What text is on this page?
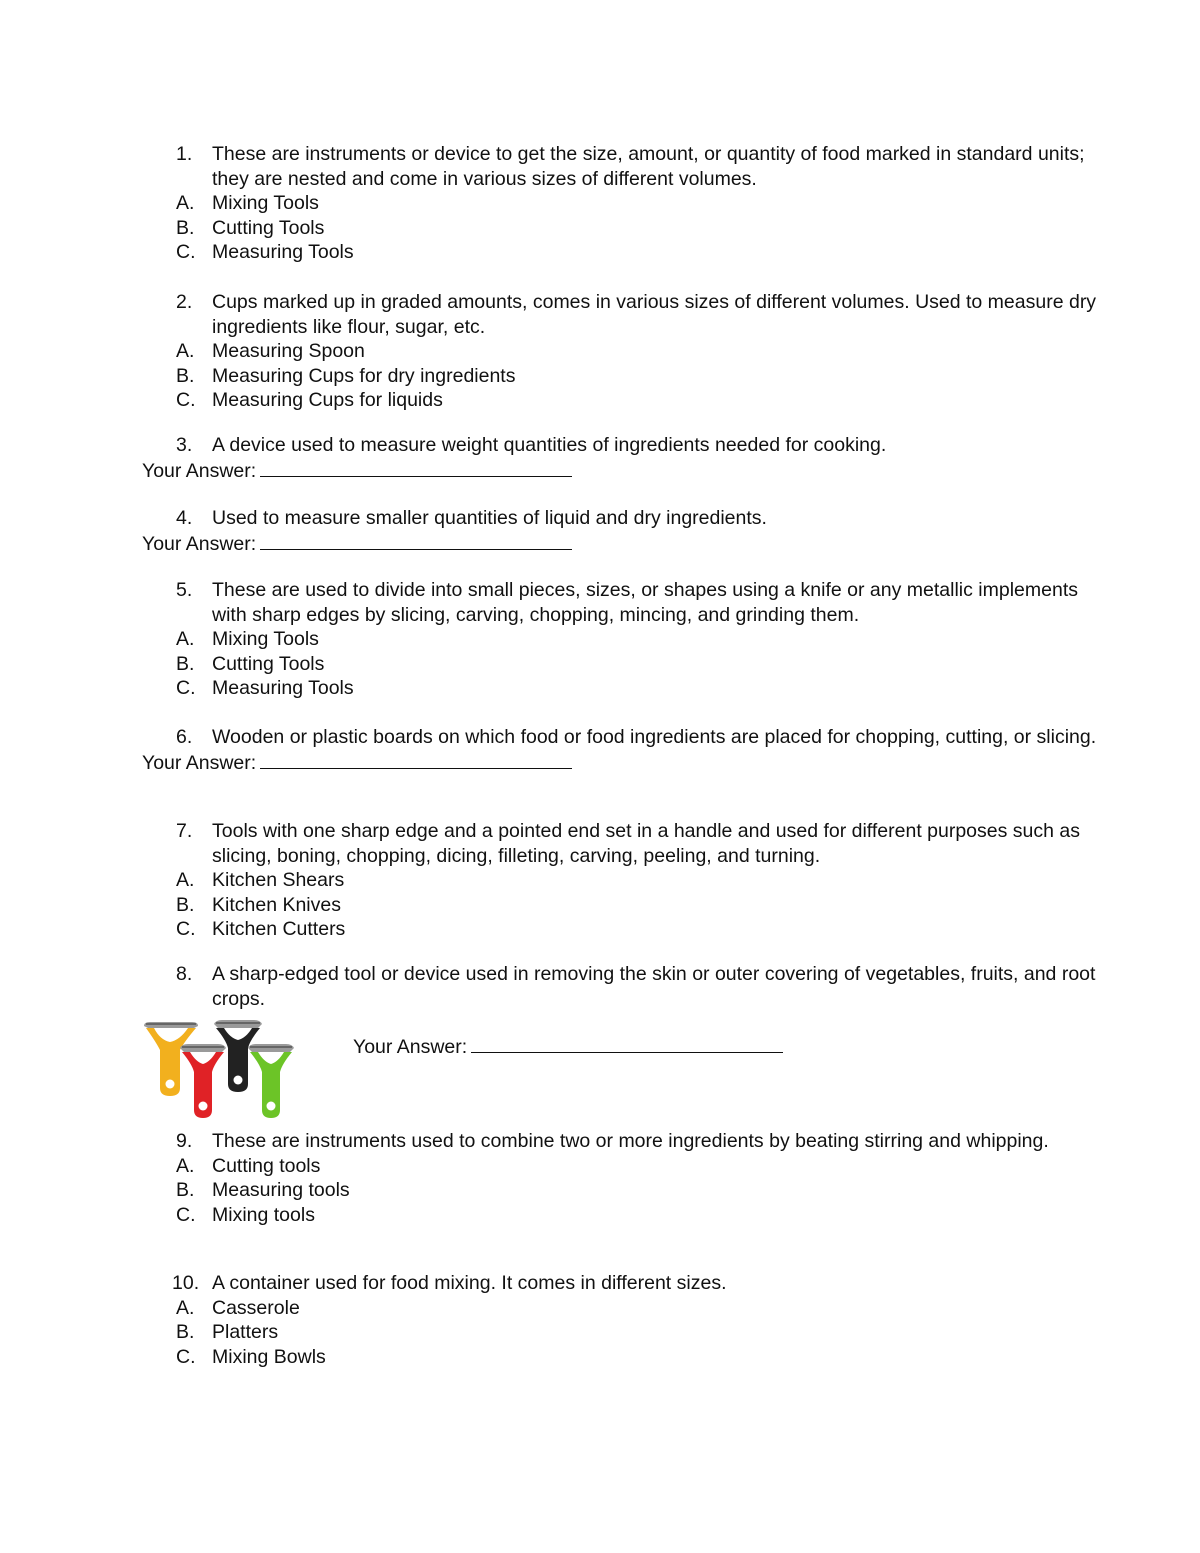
1.	These are instruments or device to get the size, amount, or quantity of food marked in standard units; they are nested and come in various sizes of different volumes.
A. Mixing Tools
B. Cutting Tools
C. Measuring Tools
2.	Cups marked up in graded amounts, comes in various sizes of different volumes. Used to measure dry ingredients like flour, sugar, etc.
A. Measuring Spoon
B. Measuring Cups for dry ingredients
C. Measuring Cups for liquids
3.	A device used to measure weight quantities of ingredients needed for cooking.
Your Answer:
4.	Used to measure smaller quantities of liquid and dry ingredients.
Your Answer:
5.	These are used to divide into small pieces, sizes, or shapes using a knife or any metallic implements with sharp edges by slicing, carving, chopping, mincing, and grinding them.
A. Mixing Tools
B. Cutting Tools
C. Measuring Tools
6.	Wooden or plastic boards on which food or food ingredients are placed for chopping, cutting, or slicing.
Your Answer:
7.	Tools with one sharp edge and a pointed end set in a handle and used for different purposes such as slicing, boning, chopping, dicing, filleting, carving, peeling, and turning.
A. Kitchen Shears
B. Kitchen Knives
C. Kitchen Cutters
8.	A sharp-edged tool or device used in removing the skin or outer covering of vegetables, fruits, and root crops.
Your Answer:
9.	These are instruments used to combine two or more ingredients by beating stirring and whipping.
A. Cutting tools
B. Measuring tools
C. Mixing tools
10. A container used for food mixing. It comes in different sizes.
A. Casserole
B. Platters
C. Mixing Bowls
